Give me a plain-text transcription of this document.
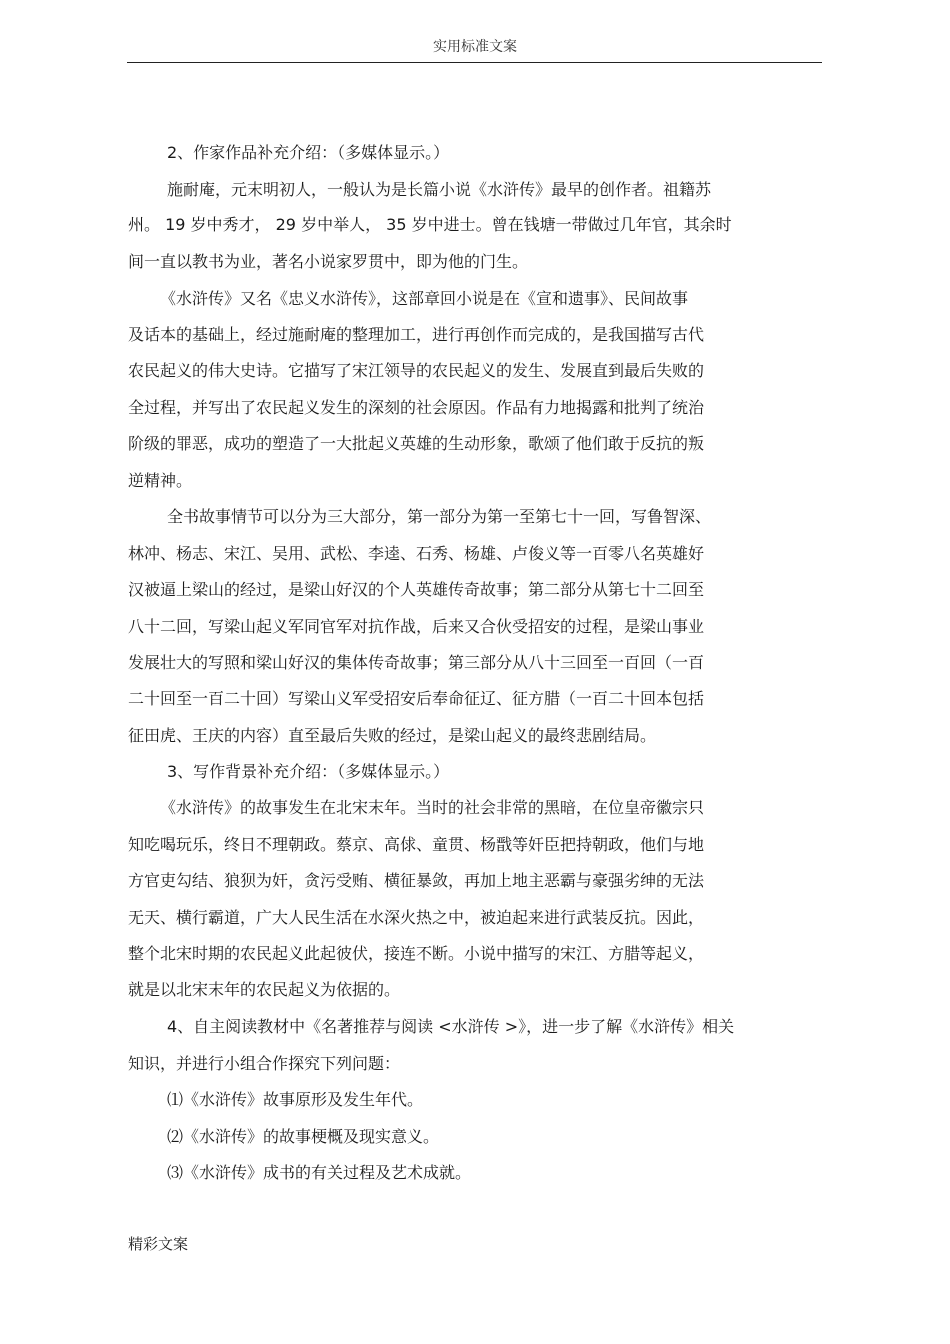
实用标准文案
2、作家作品补充介绍：（多媒体显示。）
施耐庵，元末明初人，一般认为是长篇小说《水浒传》最早的创作者。祖籍苏
州。 19 岁中秀才， 29 岁中举人， 35 岁中进士。曾在钱塘一带做过几年官，其余时
间一直以教书为业，著名小说家罗贯中，即为他的门生。
《水浒传》又名《忠义水浒传》，这部章回小说是在《宣和遗事》、民间故事
及话本的基础上，经过施耐庵的整理加工，进行再创作而完成的，是我国描写古代
农民起义的伟大史诗。它描写了宋江领导的农民起义的发生、发展直到最后失败的
全过程，并写出了农民起义发生的深刻的社会原因。作品有力地揭露和批判了统治
阶级的罪恶，成功的塑造了一大批起义英雄的生动形象，歌颂了他们敢于反抗的叛
逆精神。
全书故事情节可以分为三大部分，第一部分为第一至第七十一回，写鲁智深、
林冲、杨志、宋江、吴用、武松、李逵、石秀、杨雄、卢俊义等一百零八名英雄好
汉被逼上梁山的经过，是梁山好汉的个人英雄传奇故事；第二部分从第七十二回至
八十二回，写梁山起义军同官军对抗作战，后来又合伙受招安的过程，是梁山事业
发展壮大的写照和梁山好汉的集体传奇故事；第三部分从八十三回至一百回（一百
二十回至一百二十回）写梁山义军受招安后奉命征辽、征方腊（一百二十回本包括
征田虎、王庆的内容）直至最后失败的经过，是梁山起义的最终悲剧结局。
3、写作背景补充介绍：（多媒体显示。）
《水浒传》的故事发生在北宋末年。当时的社会非常的黑暗，在位皇帝徽宗只
知吃喝玩乐，终日不理朝政。蔡京、高俅、童贯、杨戬等奸臣把持朝政，他们与地
方官吏勾结、狼狈为奸，贪污受贿、横征暴敛，再加上地主恶霸与豪强劣绅的无法
无天、横行霸道，广大人民生活在水深火热之中，被迫起来进行武装反抗。因此，
整个北宋时期的农民起义此起彼伏，接连不断。小说中描写的宋江、方腊等起义，
就是以北宋末年的农民起义为依据的。
4、自主阅读教材中《名著推荐与阅读 <水浒传 >》，进一步了解《水浒传》相关
知识，并进行小组合作探究下列问题：
⑴《水浒传》故事原形及发生年代。
⑵《水浒传》的故事梗概及现实意义。
⑶《水浒传》成书的有关过程及艺术成就。
精彩文案
